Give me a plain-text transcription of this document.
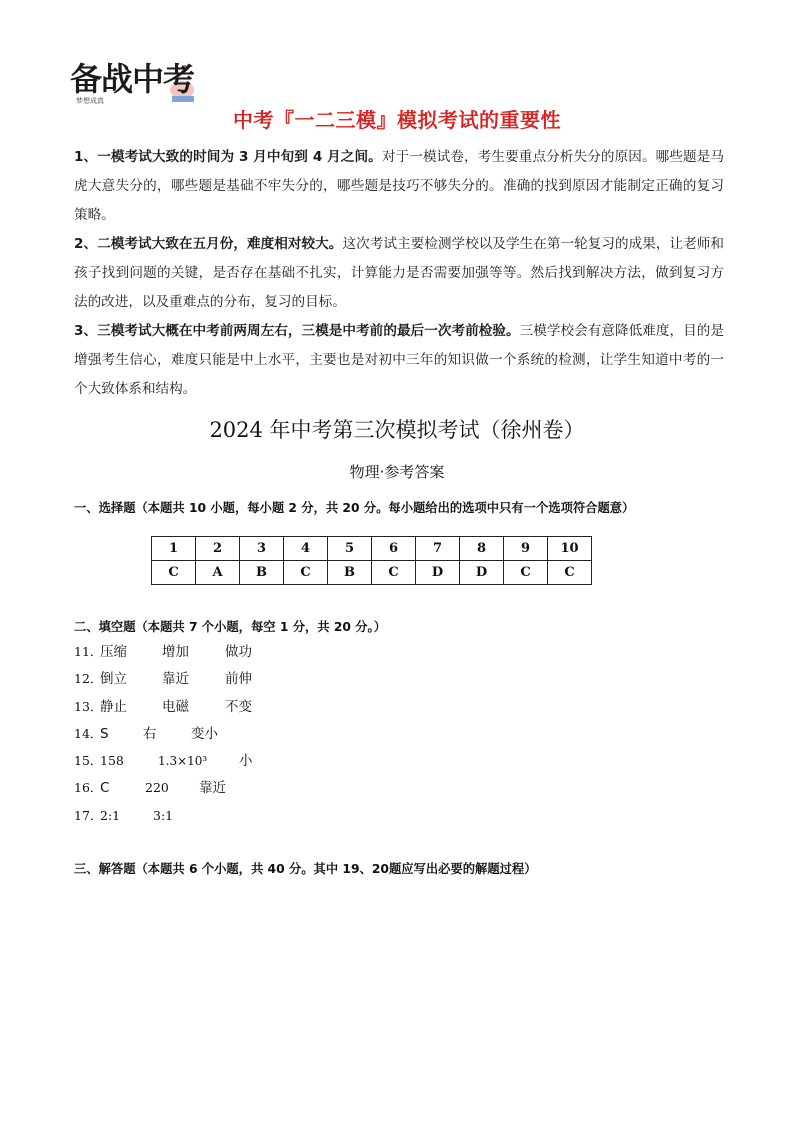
备战中考
梦想成真
中考『一二三模』模拟考试的重要性

1、一模考试大致的时间为 3 月中旬到 4 月之间。对于一模试卷，考生要重点分析失分的原因。哪些题是马虎大意失分的，哪些题是基础不牢失分的，哪些题是技巧不够失分的。准确的找到原因才能制定正确的复习策略。

2、二模考试大致在五月份，难度相对较大。这次考试主要检测学校以及学生在第一轮复习的成果，让老师和孩子找到问题的关键，是否存在基础不扎实，计算能力是否需要加强等等。然后找到解决方法，做到复习方法的改进，以及重难点的分布，复习的目标。

3、三模考试大概在中考前两周左右，三模是中考前的最后一次考前检验。三模学校会有意降低难度，目的是增强考生信心，难度只能是中上水平，主要也是对初中三年的知识做一个系统的检测，让学生知道中考的一个大致体系和结构。

2024 年中考第三次模拟考试（徐州卷）
物理·参考答案
一、选择题（本题共 10 小题，每小题 2 分，共 20 分。每小题给出的选项中只有一个选项符合题意）
1	2	3	4	5	6	7	8	9	10
C	A	B	C	B	C	D	D	C	C
二、填空题（本题共 7 个小题，每空 1 分，共 20 分。）
11．
压缩	增加	做功
12．
倒立	靠近	前伸
13．
静止	电磁	不变
14．
S	右	变小
15．
158	1.3×10³ 小
16．
C	220 靠近
17．
2:1	3:1
三、解答题（本题共 6 个小题，共 40 分。其中 19、20题应写出必要的解题过程）
